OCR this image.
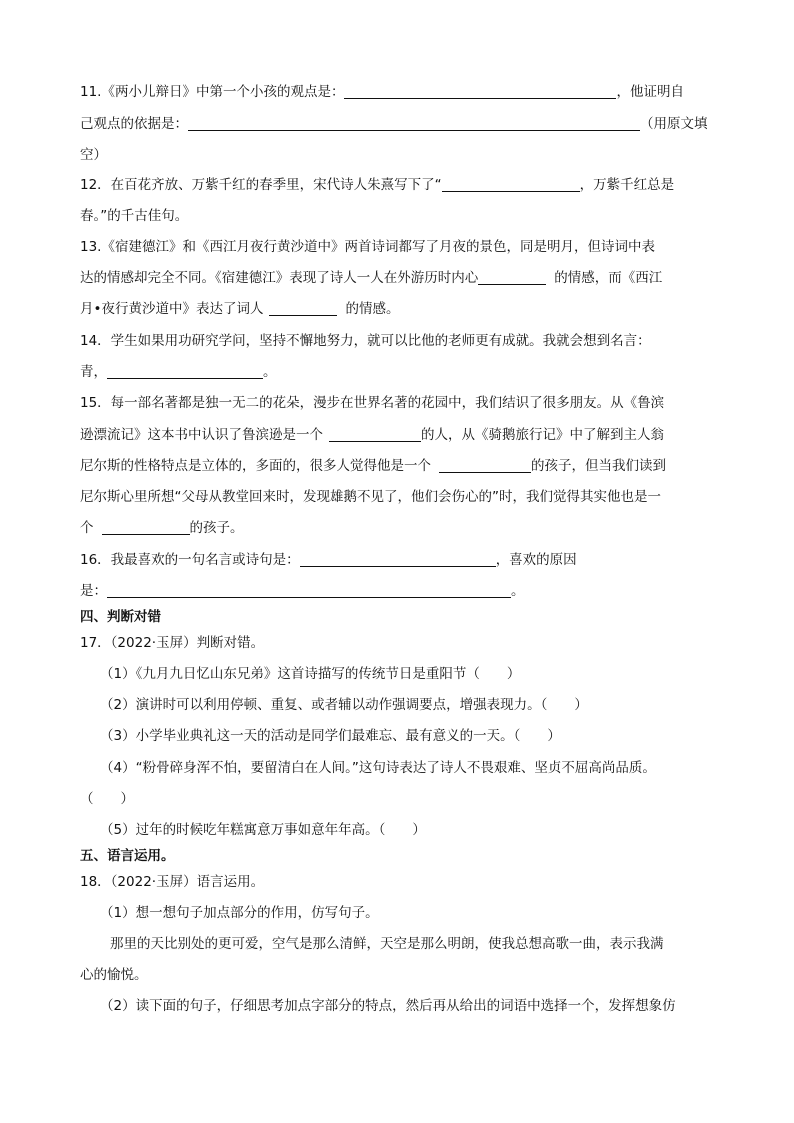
11.《两小儿辩日》中第一个小孩的观点是：	，他证明自
己观点的依据是：	（用原文填
空）
12．在百花齐放、万紫千红的春季里，宋代诗人朱熹写下了“	，万紫千红总是
春。”的千古佳句。
13.《宿建德江》和《西江月夜行黄沙道中》两首诗词都写了月夜的景色，同是明月，但诗词中表
达的情感却完全不同。《宿建德江》表现了诗人一人在外游历时内心	的情感，而《西江
月•夜行黄沙道中》表达了词人	的情感。
14．学生如果用功研究学问，坚持不懈地努力，就可以比他的老师更有成就。我就会想到名言：
青，	。
15．每一部名著都是独一无二的花朵，漫步在世界名著的花园中，我们结识了很多朋友。从《鲁滨
逊漂流记》这本书中认识了鲁滨逊是一个	的人，从《骑鹅旅行记》中了解到主人翁
尼尔斯的性格特点是立体的，多面的，很多人觉得他是一个	的孩子，但当我们读到
尼尔斯心里所想“父母从教堂回来时，发现雄鹅不见了，他们会伤心的”时，我们觉得其实他也是一
个	的孩子。
16．我最喜欢的一句名言或诗句是：	，喜欢的原因
是：	。
四、判断对错
17．（2022·玉屏）判断对错。
（1）《九月九日忆山东兄弟》这首诗描写的传统节日是重阳节（　　）
（2）演讲时可以利用停顿、重复、或者辅以动作强调要点，增强表现力。（　　）
（3）小学毕业典礼这一天的活动是同学们最难忘、最有意义的一天。（　　）
（4）“粉骨碎身浑不怕，要留清白在人间。”这句诗表达了诗人不畏艰难、坚贞不屈高尚品质。
（　　）
（5）过年的时候吃年糕寓意万事如意年年高。（　　）
五、语言运用。
18．（2022·玉屏）语言运用。
（1）想一想句子加点部分的作用，仿写句子。
那里的天比别处的更可爱，空气是那么清鲜，天空是那么明朗，使我总想高歌一曲，表示我满
心的愉悦。
（2）读下面的句子，仔细思考加点字部分的特点，然后再从给出的词语中选择一个，发挥想象仿
